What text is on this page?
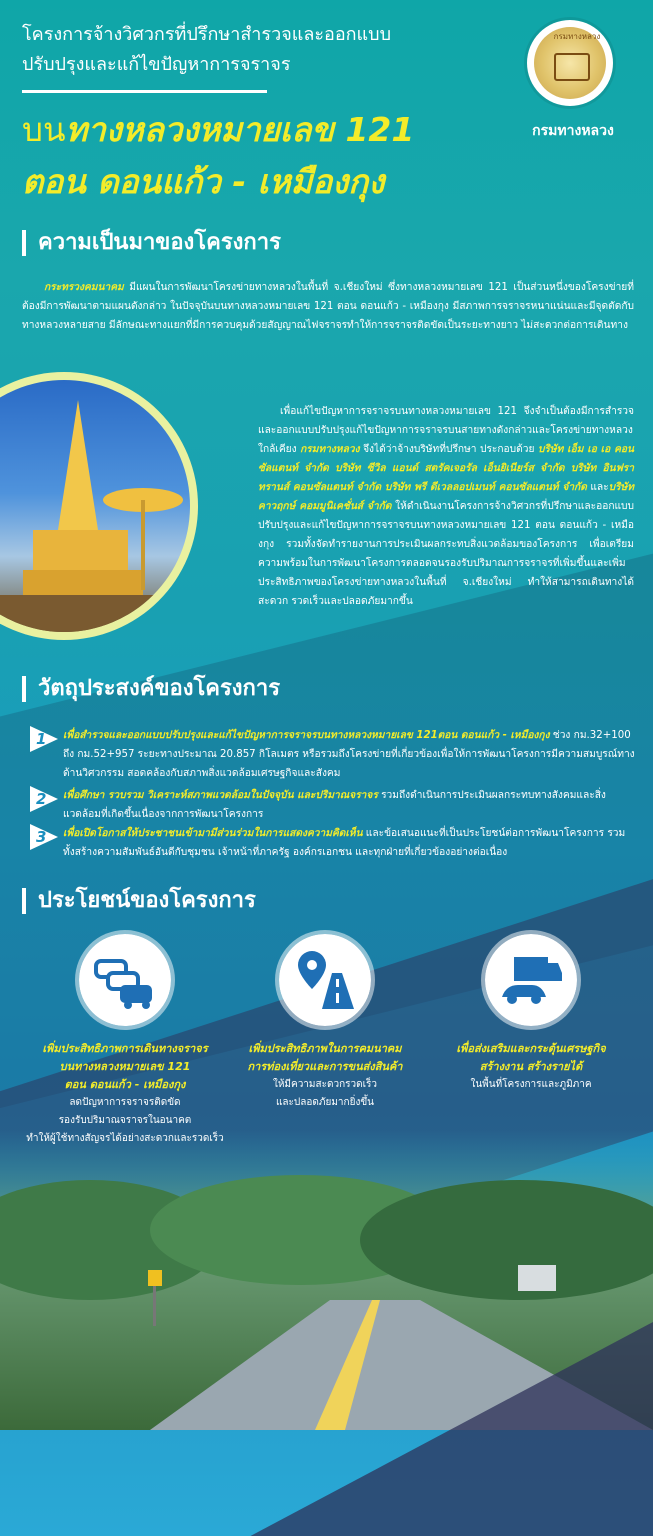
โครงการจ้างวิศวกรที่ปรึกษาสำรวจและออกแบบ
ปรับปรุงและแก้ไขปัญหาการจราจร
บนทางหลวงหมายเลข 121
ตอน ดอนแก้ว - เหมืองกุง
กรมทางหลวง
กรมทางหลวง
ความเป็นมาของโครงการ
กระทรวงคมนาคม มีแผนในการพัฒนาโครงข่ายทางหลวงในพื้นที่ จ.เชียงใหม่ ซึ่งทางหลวงหมายเลข 121 เป็นส่วนหนึ่งของโครงข่ายที่ต้องมีการพัฒนาตามแผนดังกล่าว ในปัจจุบันบนทางหลวงหมายเลข 121 ตอน ดอนแก้ว - เหมืองกุง มีสภาพการจราจรหนาแน่นและมีจุดตัดกับทางหลวงหลายสาย มีลักษณะทางแยกที่มีการควบคุมด้วยสัญญาณไฟจราจรทำให้การจราจรติดขัดเป็นระยะทางยาว ไม่สะดวกต่อการเดินทาง
เพื่อแก้ไขปัญหาการจราจรบนทางหลวงหมายเลข 121 จึงจำเป็นต้องมีการสำรวจและออกแบบปรับปรุงแก้ไขปัญหาการจราจรบนสายทางดังกล่าวและโครงข่ายทางหลวงใกล้เคียง กรมทางหลวง จึงได้ว่าจ้างบริษัทที่ปรึกษา ประกอบด้วย บริษัท เอ็ม เอ เอ คอนซัลแตนท์ จำกัด บริษัท ซีวิล แอนด์ สตรัคเจอรัล เอ็นยิเนียร์ส จำกัด บริษัท อินฟราทรานส์ คอนซัลแตนท์ จำกัด บริษัท พรี ดีเวลลอปเมนท์ คอนซัลแตนท์ จำกัด และบริษัท คาวฤกษ์ คอมมูนิเคชั่นส์ จำกัด ให้ดำเนินงานโครงการจ้างวิศวกรที่ปรึกษาและออกแบบปรับปรุงและแก้ไขปัญหาการจราจรบนทางหลวงหมายเลข 121 ตอน ดอนแก้ว - เหมืองกุง รวมทั้งจัดทำรายงานการประเมินผลกระทบสิ่งแวดล้อมของโครงการ เพื่อเตรียมความพร้อมในการพัฒนาโครงการตลอดจนรองรับปริมาณการจราจรที่เพิ่มขึ้นและเพิ่มประสิทธิภาพของโครงข่ายทางหลวงในพื้นที่ จ.เชียงใหม่ ทำให้สามารถเดินทางได้สะดวก รวดเร็วและปลอดภัยมากขึ้น
วัตถุประสงค์ของโครงการ
1 เพื่อสำรวจและออกแบบปรับปรุงและแก้ไขปัญหาการจราจรบนทางหลวงหมายเลข 121ตอน ดอนแก้ว - เหมืองกุง ช่วง กม.32+100 ถึง กม.52+957 ระยะทางประมาณ 20.857 กิโลเมตร หรือรวมถึงโครงข่ายที่เกี่ยวข้องเพื่อให้การพัฒนาโครงการมีความสมบูรณ์ทางด้านวิศวกรรม สอดคล้องกับสภาพสิ่งแวดล้อมเศรษฐกิจและสังคม
2 เพื่อศึกษา รวบรวม วิเคราะห์สภาพแวดล้อมในปัจจุบัน และปริมาณจราจร รวมถึงดำเนินการประเมินผลกระทบทางสังคมและสิ่งแวดล้อมที่เกิดขึ้นเนื่องจากการพัฒนาโครงการ
3 เพื่อเปิดโอกาสให้ประชาชนเข้ามามีส่วนร่วมในการแสดงความคิดเห็น และข้อเสนอแนะที่เป็นประโยชน์ต่อการพัฒนาโครงการ รวมทั้งสร้างความสัมพันธ์อันดีกับชุมชน เจ้าหน้าที่ภาครัฐ องค์กรเอกชน และทุกฝ่ายที่เกี่ยวข้องอย่างต่อเนื่อง
ประโยชน์ของโครงการ
เพิ่มประสิทธิภาพการเดินทางจราจร
บนทางหลวงหมายเลข 121
ตอน ดอนแก้ว - เหมืองกุง
ลดปัญหาการจราจรติดขัด
รองรับปริมาณจราจรในอนาคต
ทำให้ผู้ใช้ทางสัญจรได้อย่างสะดวกและรวดเร็ว
เพิ่มประสิทธิภาพในการคมนาคม
การท่องเที่ยวและการขนส่งสินค้า
ให้มีความสะดวกรวดเร็ว
และปลอดภัยมากยิ่งขึ้น
เพื่อส่งเสริมและกระตุ้นเศรษฐกิจ
สร้างงาน สร้างรายได้
ในพื้นที่โครงการและภูมิภาค
